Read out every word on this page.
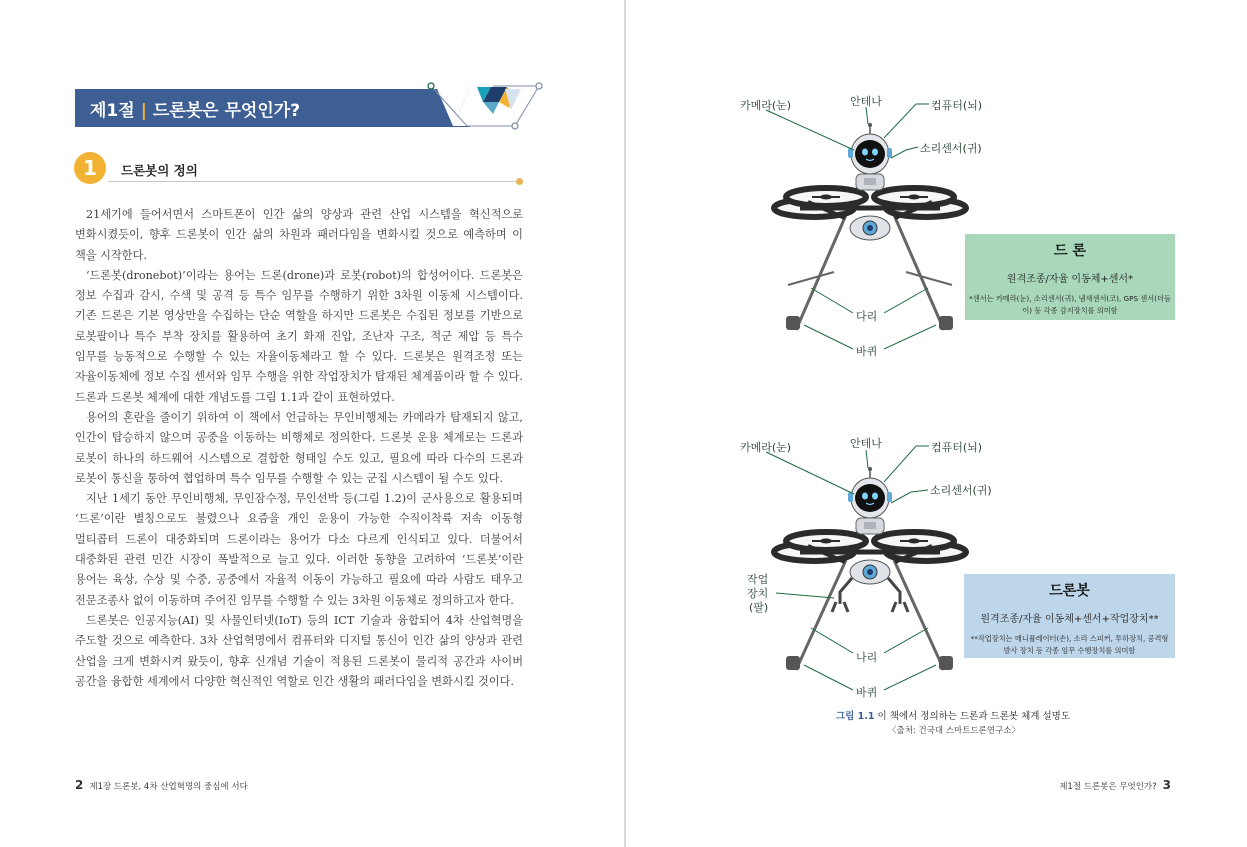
제1절 | 드론봇은 무엇인가?
1	드론봇의 정의

21세기에 들어서면서 스마트폰이 인간 삶의 양상과 관련 산업 시스템을 혁신적으로 변화시켰듯이, 향후 드론봇이 인간 삶의 차원과 패러다임을 변화시킬 것으로 예측하며 이 책을 시작한다.

‘드론봇(dronebot)’이라는 용어는 드론(drone)과 로봇(robot)의 합성어이다. 드론봇은 정보 수집과 감시, 수색 및 공격 등 특수 임무를 수행하기 위한 3차원 이동체 시스템이다. 기존 드론은 기본 영상만을 수집하는 단순 역할을 하지만 드론봇은 수집된 정보를 기반으로 로봇팔이나 특수 부착 장치를 활용하여 초기 화재 진압, 조난자 구조, 적군 제압 등 특수 임무를 능동적으로 수행할 수 있는 자율이동체라고 할 수 있다. 드론봇은 원격조정 또는 자율이동체에 정보 수집 센서와 임무 수행을 위한 작업장치가 탑재된 체계품이라 할 수 있다. 드론과 드론봇 체계에 대한 개념도를 그림 1.1과 같이 표현하였다.

용어의 혼란을 줄이기 위하여 이 책에서 언급하는 무인비행체는 카메라가 탑재되지 않고, 인간이 탑승하지 않으며 공중을 이동하는 비행체로 정의한다. 드론봇 운용 체계로는 드론과 로봇이 하나의 하드웨어 시스템으로 결합한 형태일 수도 있고, 필요에 따라 다수의 드론과 로봇이 통신을 통하여 협업하며 특수 임무를 수행할 수 있는 군집 시스템이 될 수도 있다.

지난 1세기 동안 무인비행체, 무인잠수정, 무인선박 등(그림 1.2)이 군사용으로 활용되며 ‘드론’이란 별칭으로도 불렸으나 요즘을 개인 운용이 가능한 수직이착륙 저속 이동형 멀티콥터 드론이 대중화되며 드론이라는 용어가 다소 다르게 인식되고 있다. 더불어서 대중화된 관련 민간 시장이 폭발적으로 늘고 있다. 이러한 동향을 고려하여 ‘드론봇’이란 용어는 육상, 수상 및 수중, 공중에서 자율적 이동이 가능하고 필요에 따라 사람도 태우고 전문조종사 없이 이동하며 주어진 임무를 수행할 수 있는 3차원 이동체로 정의하고자 한다.

드론봇은 인공지능(AI) 및 사물인터넷(IoT) 등의 ICT 기술과 융합되어 4차 산업혁명을 주도할 것으로 예측한다. 3차 산업혁명에서 컴퓨터와 디지털 통신이 인간 삶의 양상과 관련 산업을 크게 변화시켜 왔듯이, 향후 신개념 기술이 적용된 드론봇이 물리적 공간과 사이버 공간을 융합한 세계에서 다양한 혁신적인 역할로 인간 생활의 패러다임을 변화시킬 것이다.

2 제1장 드론봇, 4차 산업혁명의 중심에 서다
카메라(눈)	안테나	컴퓨터(뇌)
소리센서(귀)
다리
바퀴
드 론
원격조종/자율 이동체+센서*
*센서는 카메라(눈), 소리센서(귀), 냄새센서(코), GPS 센서(더듬이) 등 각종 감지장치를 의미함
카메라(눈)	안테나	컴퓨터(뇌)
소리센서(귀)
작업
장치
(팔)
나리
바퀴
드론봇
원격조종/자율 이동체+센서+작업장치**
**작업장치는 매니퓰레이터(손), 소리 스피커, 투하장치, 공격형 발사 장치 등 각종 임무 수행장치를 의미함
그림 1.1 이 책에서 정의하는 드론과 드론봇 체계 설명도
〈출처: 건국대 스마트드론연구소〉
제1절 드론봇은 무엇인가? 3
